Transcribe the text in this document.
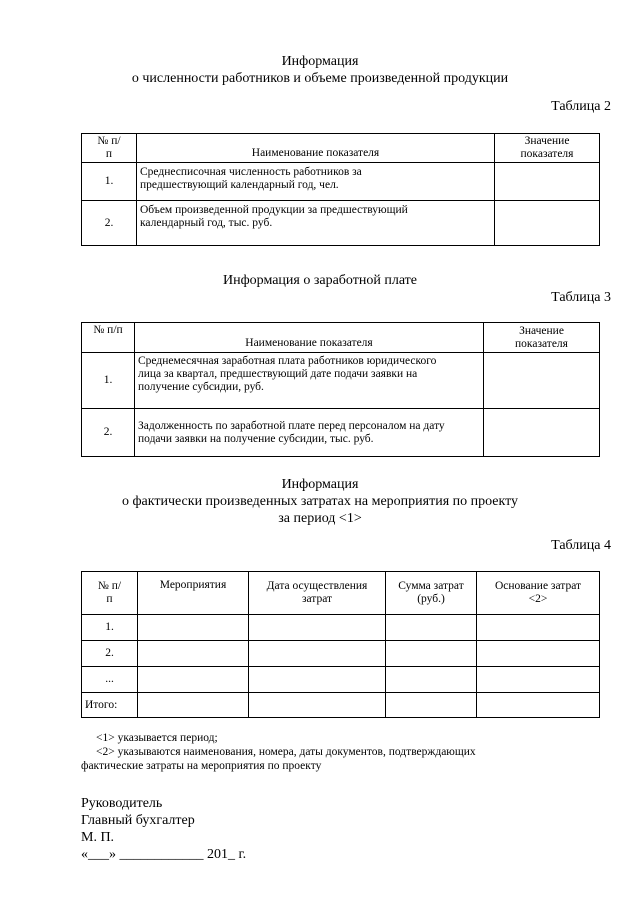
Информация
о численности работников и объеме произведенной продукции
Таблица 2
№ п/п	Наименование показателя	Значение показателя

1.	Среднесписочная численность работников за предшествующий календарный год, чел.	

2.	Объем произведенной продукции за предшествующий календарный год, тыс. руб.	

Информация о заработной плате
Таблица 3
№ п/п	Наименование показателя	Значение показателя

1.	Среднемесячная заработная плата работников юридического лица за квартал, предшествующий дате подачи заявки на получение субсидии, руб.	

2.	Задолженность по заработной плате перед персоналом на дату подачи заявки на получение субсидии, тыс. руб.	

Информация
о фактически произведенных затратах на мероприятия по проекту
за период <1>
Таблица 4
№ п/п	Мероприятия	Дата осуществления затрат	Сумма затрат (руб.)	Основание затрат <2>

1.				
2.				
...				
Итого:				
<1> указывается период;
<2> указываются наименования, номера, даты документов, подтверждающих
фактические затраты на мероприятия по проекту
Руководитель
Главный бухгалтер
М. П.
«___» ____________ 201_ г.
